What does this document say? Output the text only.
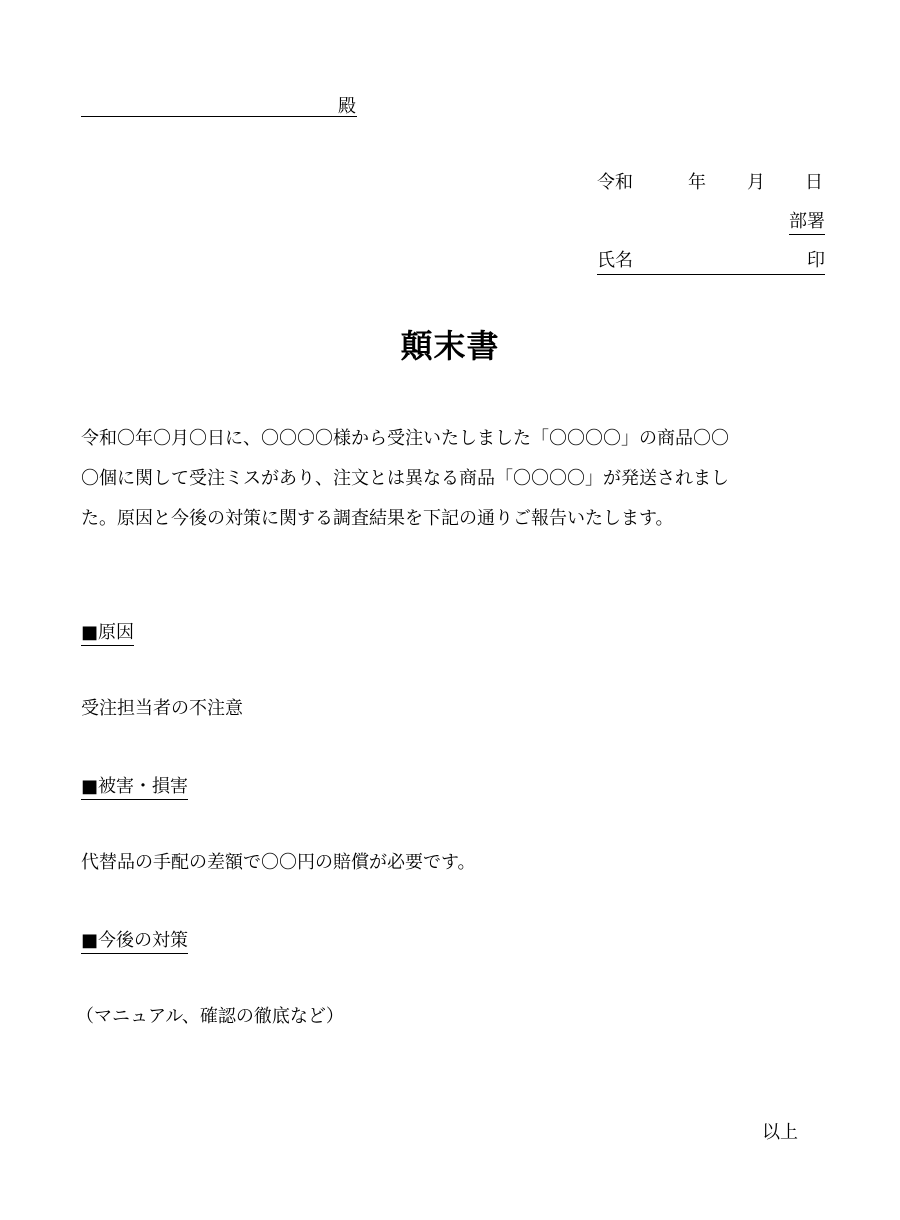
殿
令和	年 月 日
部署
氏名	印
顛末書
令和〇年〇月〇日に、〇〇〇〇様から受注いたしました「〇〇〇〇」の商品〇〇
〇個に関して受注ミスがあり、注文とは異なる商品「〇〇〇〇」が発送されまし
た。原因と今後の対策に関する調査結果を下記の通りご報告いたします。
■原因
受注担当者の不注意
■被害・損害
代替品の手配の差額で〇〇円の賠償が必要です。
■今後の対策
（マニュアル、確認の徹底など）
以上
